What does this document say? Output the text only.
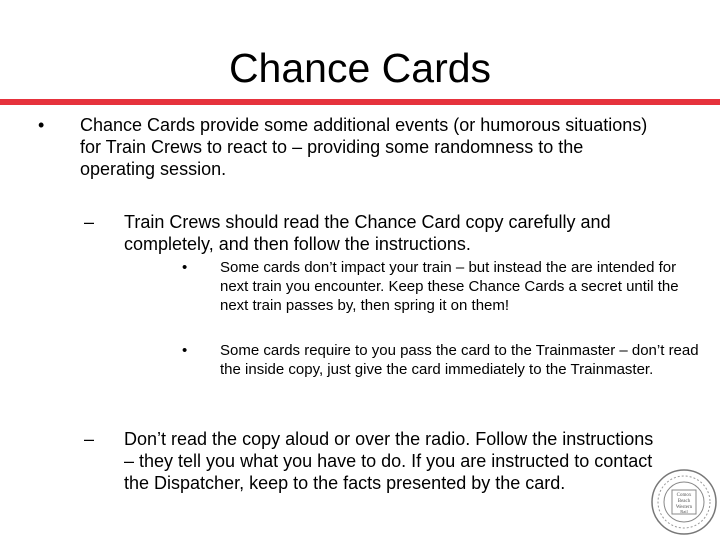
Chance Cards
• Chance Cards provide some additional events (or humorous situations) for Train Crews to react to – providing some randomness to the operating session.

– Train Crews should read the Chance Card copy carefully and completely, and then follow the instructions.

• Some cards don’t impact your train – but instead the are intended for next train you encounter. Keep these Chance Cards a secret until the next train passes by, then spring it on them!

• Some cards require to you pass the card to the Trainmaster – don’t read the inside copy, just give the card immediately to the Trainmaster.

– Don’t read the copy aloud or over the radio. Follow the instructions – they tell you what you have to do. If you are instructed to contact the Dispatcher, keep to the facts presented by the card.

Comox
Beach
Western
Rail
